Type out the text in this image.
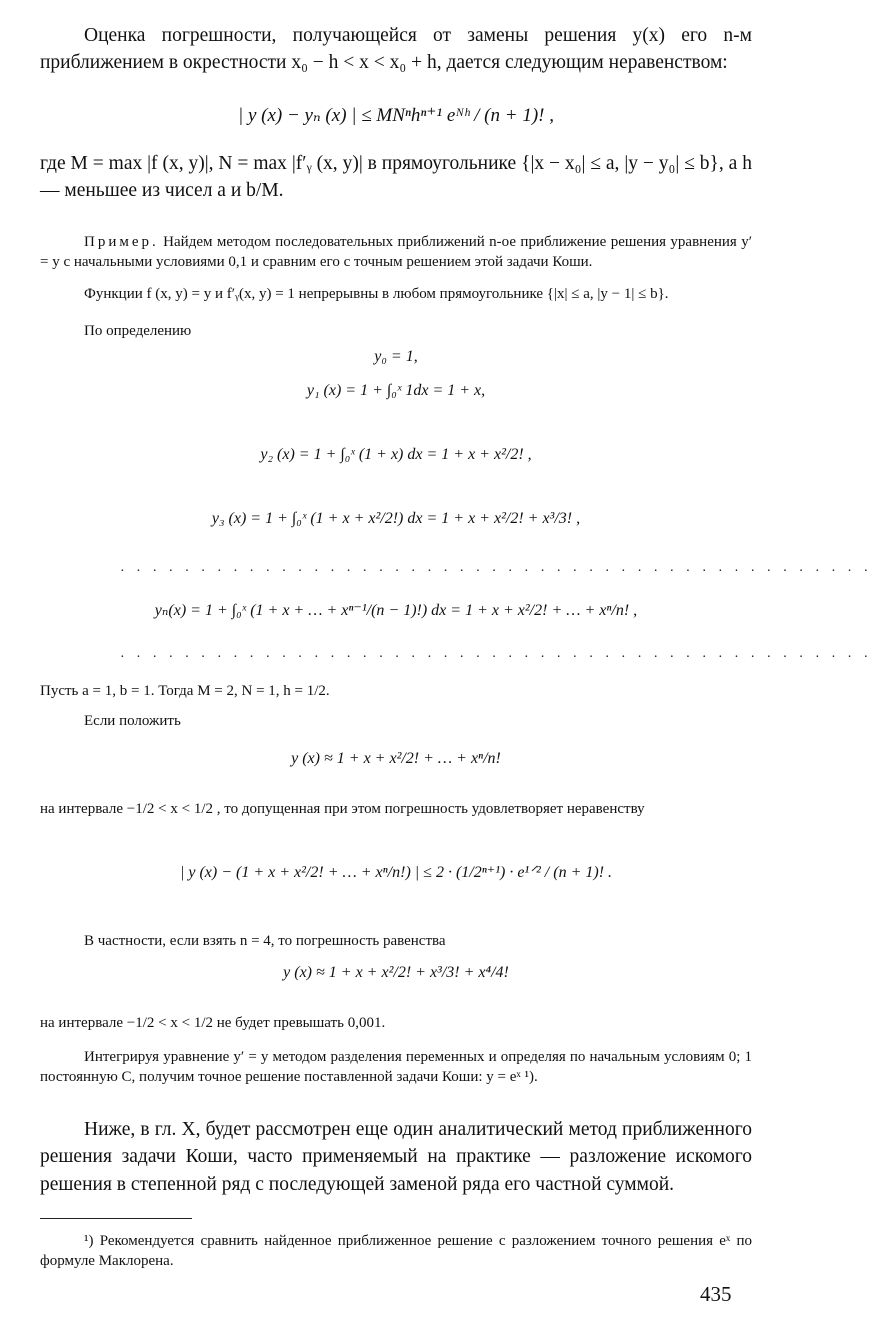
Оценка погрешности, получающейся от замены решения y(x) его n-м приближением в окрестности x₀ − h < x < x₀ + h, дается следующим неравенством:
| y (x) − yₙ (x) | ≤ MNⁿhⁿ⁺¹ eᴺʰ / (n + 1)! ,
где M = max |f (x, y)|, N = max |f′ᵧ (x, y)| в прямоугольнике {|x − x₀| ≤ a, |y − y₀| ≤ b}, а h — меньшее из чисел a и b/M.
Пример. Найдем методом последовательных приближений n-ое приближение решения уравнения y′ = y с начальными условиями 0,1 и сравним его с точным решением этой задачи Коши.
Функции f (x, y) = y и f′ᵧ(x, y) = 1 непрерывны в любом прямоугольнике {|x| ≤ a, |y − 1| ≤ b}.
По определению
y₀ = 1,
y₁ (x) = 1 + ∫₀ˣ 1dx = 1 + x,
y₂ (x) = 1 + ∫₀ˣ (1 + x) dx = 1 + x + x²/2! ,
y₃ (x) = 1 + ∫₀ˣ (1 + x + x²/2!) dx = 1 + x + x²/2! + x³/3! ,
· · · · · · · · · · · · · · · · · · · · · · · · · · · · · · · · · · · · · · · · · · · · · · ·
yₙ(x) = 1 + ∫₀ˣ (1 + x + … + xⁿ⁻¹/(n − 1)!) dx = 1 + x + x²/2! + … + xⁿ/n! ,
· · · · · · · · · · · · · · · · · · · · · · · · · · · · · · · · · · · · · · · · · · · · · · ·
Пусть a = 1, b = 1. Тогда M = 2, N = 1, h = 1/2.
Если положить
y (x) ≈ 1 + x + x²/2! + … + xⁿ/n!
на интервале −1/2 < x < 1/2 , то допущенная при этом погрешность удовлетворяет неравенству
| y (x) − (1 + x + x²/2! + … + xⁿ/n!) | ≤ 2 · (1/2ⁿ⁺¹) · e¹ᐟ² / (n + 1)! .
В частности, если взять n = 4, то погрешность равенства
y (x) ≈ 1 + x + x²/2! + x³/3! + x⁴/4!
на интервале −1/2 < x < 1/2 не будет превышать 0,001.
Интегрируя уравнение y′ = y методом разделения переменных и определяя по начальным условиям 0; 1 постоянную C, получим точное решение поставленной задачи Коши: y = eˣ ¹).
Ниже, в гл. X, будет рассмотрен еще один аналитический метод приближенного решения задачи Коши, часто применяемый на практике — разложение искомого решения в степенной ряд с последующей заменой ряда его частной суммой.
¹) Рекомендуется сравнить найденное приближенное решение с разложением точного решения eˣ по формуле Маклорена.
435
